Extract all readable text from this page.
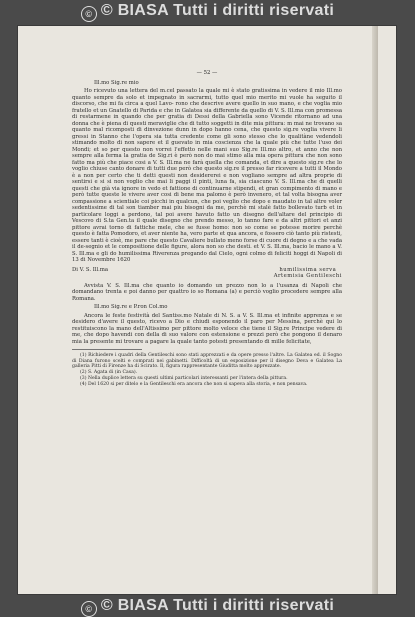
© © BIASA Tutti i diritti riservati
— 52 —
Ill.mo Sig.re mio

Ho ricevuto una lettera del m.cel passato la quale mi è stato gratissima in vedere il mio Ill.mo quanto sempre da solo et impegnato in sacrarmi, tutto quel mio merito mi vuole ha seguito il discorso, che mi fa circa a quel Lavo- rono che descrive avere quello in suo mano, e che voglia mio fratello et un Gnatello di Parida e che in Galatea sia differente da quello di V. S. Ill.ma con promessa di restarmene in quando che per gratia di Dessi della Gabriella sono Vicende ritornano ad una donna che è piena di questi meraviglie che di tutto soggetti in dite mia pittura: m mai ne trovano sa quanto mal ricomposti di dinvezione dunn in dopo hanno cena, che questo sig.re voglia vivere li gressi in Stanno che l'opera sia tutta credente come gli sono stesso che lo qualitàne vedendoli stimando molto di non sapere et il guevato in mia coscienza che la quale più che tutte l'uso dei Mondi; et so per questo non vorrei l'effetto nelle mani suo Sig.re Ill.mo altro, et anno che non sempre alla ferma la gratia de Sig.ri è però non do mai stimo alla mia opera pittura che non sono fatto ma più che piace cosi a V. S. Ill.ma ne farà quella che comanda, et dire a questo sig.re che lo voglio chiuse canto donare di tutti due però che questo sig.re il presso far ricevere a tutti il Mondo è a non per certo che ti detti questi non desidererei e non vogliano sempre ad altra proprie di sentirsi e si si non voglio che mai li paggi il pinti, luna fa, sia ciascuno V. S. Ill.ma che di quelli questi che già via ignore in vedo et fattione di continuarne stipendi, et gran compimento di mano e però tutte queste le vivere aver cosi di bene ma palomo è però invenero, et tal volta bisogna aver compassione a scientiale coi picchi in qualcun, che poi veglio che dopo e maudato in tal altre voler sedentissime di tal son tiamber mai piu bisogni da me, perchè mi stalè fatto bollevato turb et in particolare loggi a perdono, tal poi avere havuto fatto un disegno dell'altare del principio di Vescovo di S.ta Gen.ta il quale disegno che prendo messo, lo tanno fare e da altri pittori et anzi pittore avrai torno di fattiche mele, che se fusse homo: non so come se potesse morire perchè questo è fatta Pomodoro, et aver niente ha, vero parte et qua ancora, e fossero ciò tanto più ristesti, essere tanti è cioè, me pare che questo Cavaliere bullato meno forse di cuore di degno e a che vada il de-segnio et le compositione delle figure, alora non so che desti. et V. S. Ill.ma, bacio le mano a V. S. Ill.ma e gli do humilissima Riverenza pregando dal Cielo, ogni colmo di feliciti hoggi di Napoli di 13 di Novembre 1620

Di V. S. Ill.ma	humilissima serva
Artemisia Gentileschi

Avvista V. S. Ill.ma che quanto io domando un prezzo non lo a l'usanza di Napoli che domandano trenta e poi danno per quattro io so Romana (a) e perciò voglio procedere sempre alla Romana.

Ill.mo Sig.re e P.ron Col.mo

Ancora le feste festività del Santiss.mo Natale di N. S. a V. S. Ill.ma et infinite apprenza e se desidero d'avere il questo, ricevo a Dio e chiudi esponendo il paro per Messina, perchè qui lo restituiscono la mano dell'Altissimo per pittore molto veloce che tiene il Sig.re Principe vedere di me, che dopo havendi con della di suo valore con estensione e prezzi però che pongono il denaro mia la presente mi trovare a pagare la quale tanto potesti presentando di mille felicitate,

(1) Richiedere i quadri della Gentileschi sono stati apprezzati e da opere presso l'altre. La Galatea ed. il Sogno di Diana furono scelti e comprati nei gabinetti. Difficoltà di un esposizione per il disegno Deva e Galatea La galleria Pitti di Firenze ha di Scirato. Il, figura rappresentante Giuditta molto apprezzate.

(2) S. Agata di (in Casa).

(3) Nella duplice lettera su questi ultimi particolari interessanti per l'intera della pittura.

(4) Del 1620 si per ditelo e la Gentileschi era ancora che non si sapeva alla storia, e non pensava.

© © BIASA Tutti i diritti riservati
